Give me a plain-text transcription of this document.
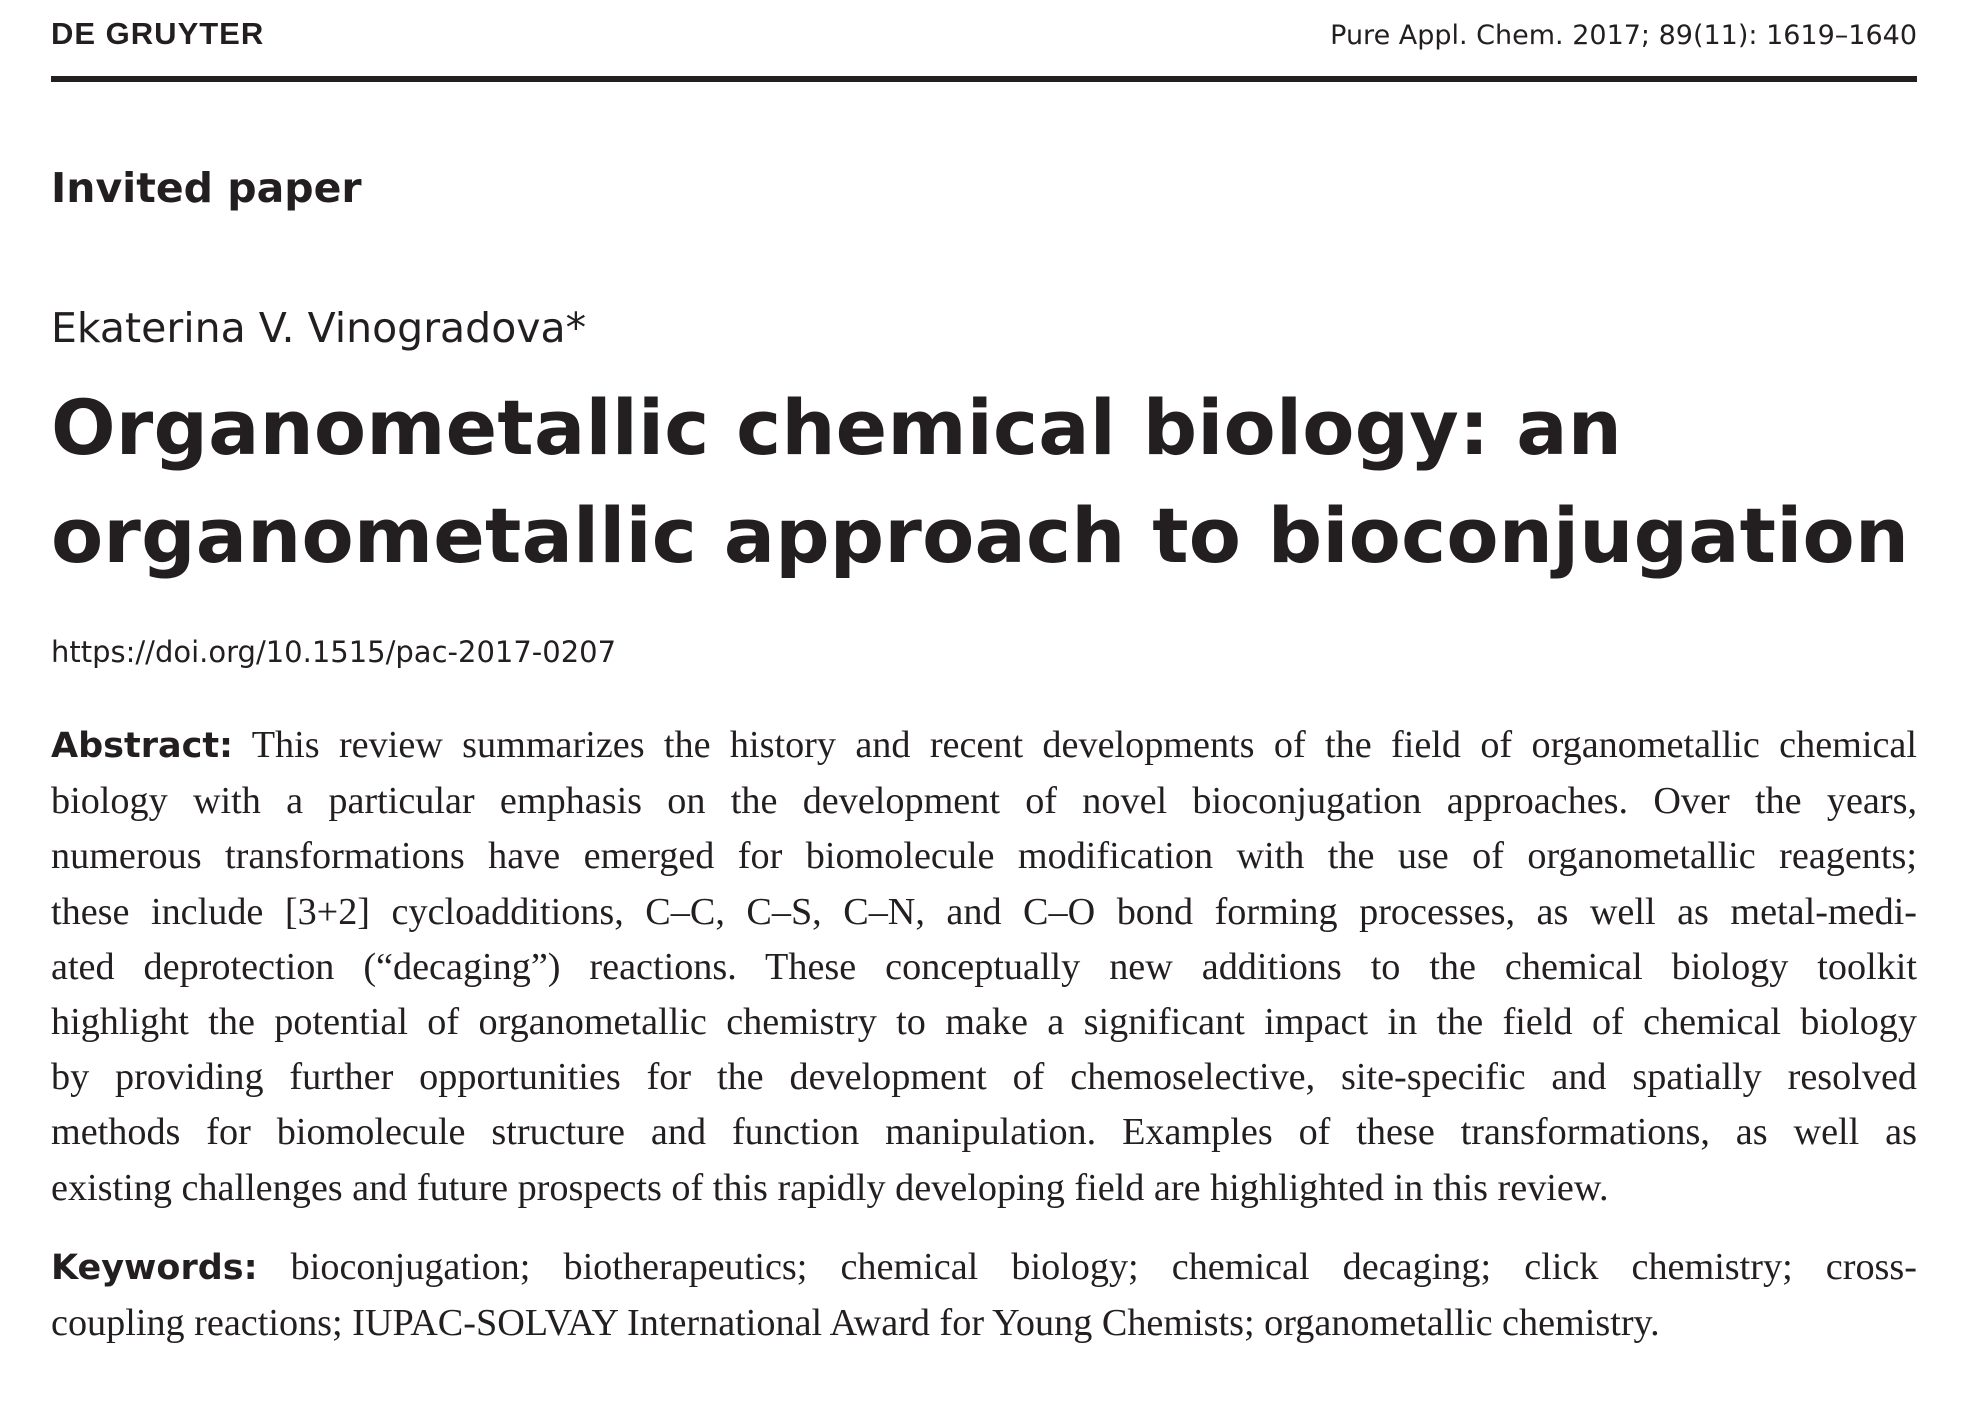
DE GRUYTER	Pure Appl. Chem. 2017; 89(11): 1619–1640
Invited paper
Ekaterina V. Vinogradova*
Organometallic chemical biology: an
organometallic approach to bioconjugation
https://doi.org/10.1515/pac-2017-0207
Abstract: This review summarizes the history and recent developments of the field of organometallic chemical
biology with a particular emphasis on the development of novel bioconjugation approaches. Over the years,
numerous transformations have emerged for biomolecule modification with the use of organometallic reagents;
these include [3+2] cycloadditions, C–C, C–S, C–N, and C–O bond forming processes, as well as metal-medi-
ated deprotection (“decaging”) reactions. These conceptually new additions to the chemical biology toolkit
highlight the potential of organometallic chemistry to make a significant impact in the field of chemical biology
by providing further opportunities for the development of chemoselective, site-specific and spatially resolved
methods for biomolecule structure and function manipulation. Examples of these transformations, as well as
existing challenges and future prospects of this rapidly developing field are highlighted in this review.
Keywords: bioconjugation; biotherapeutics; chemical biology; chemical decaging; click chemistry; cross-
coupling reactions; IUPAC-SOLVAY International Award for Young Chemists; organometallic chemistry.
